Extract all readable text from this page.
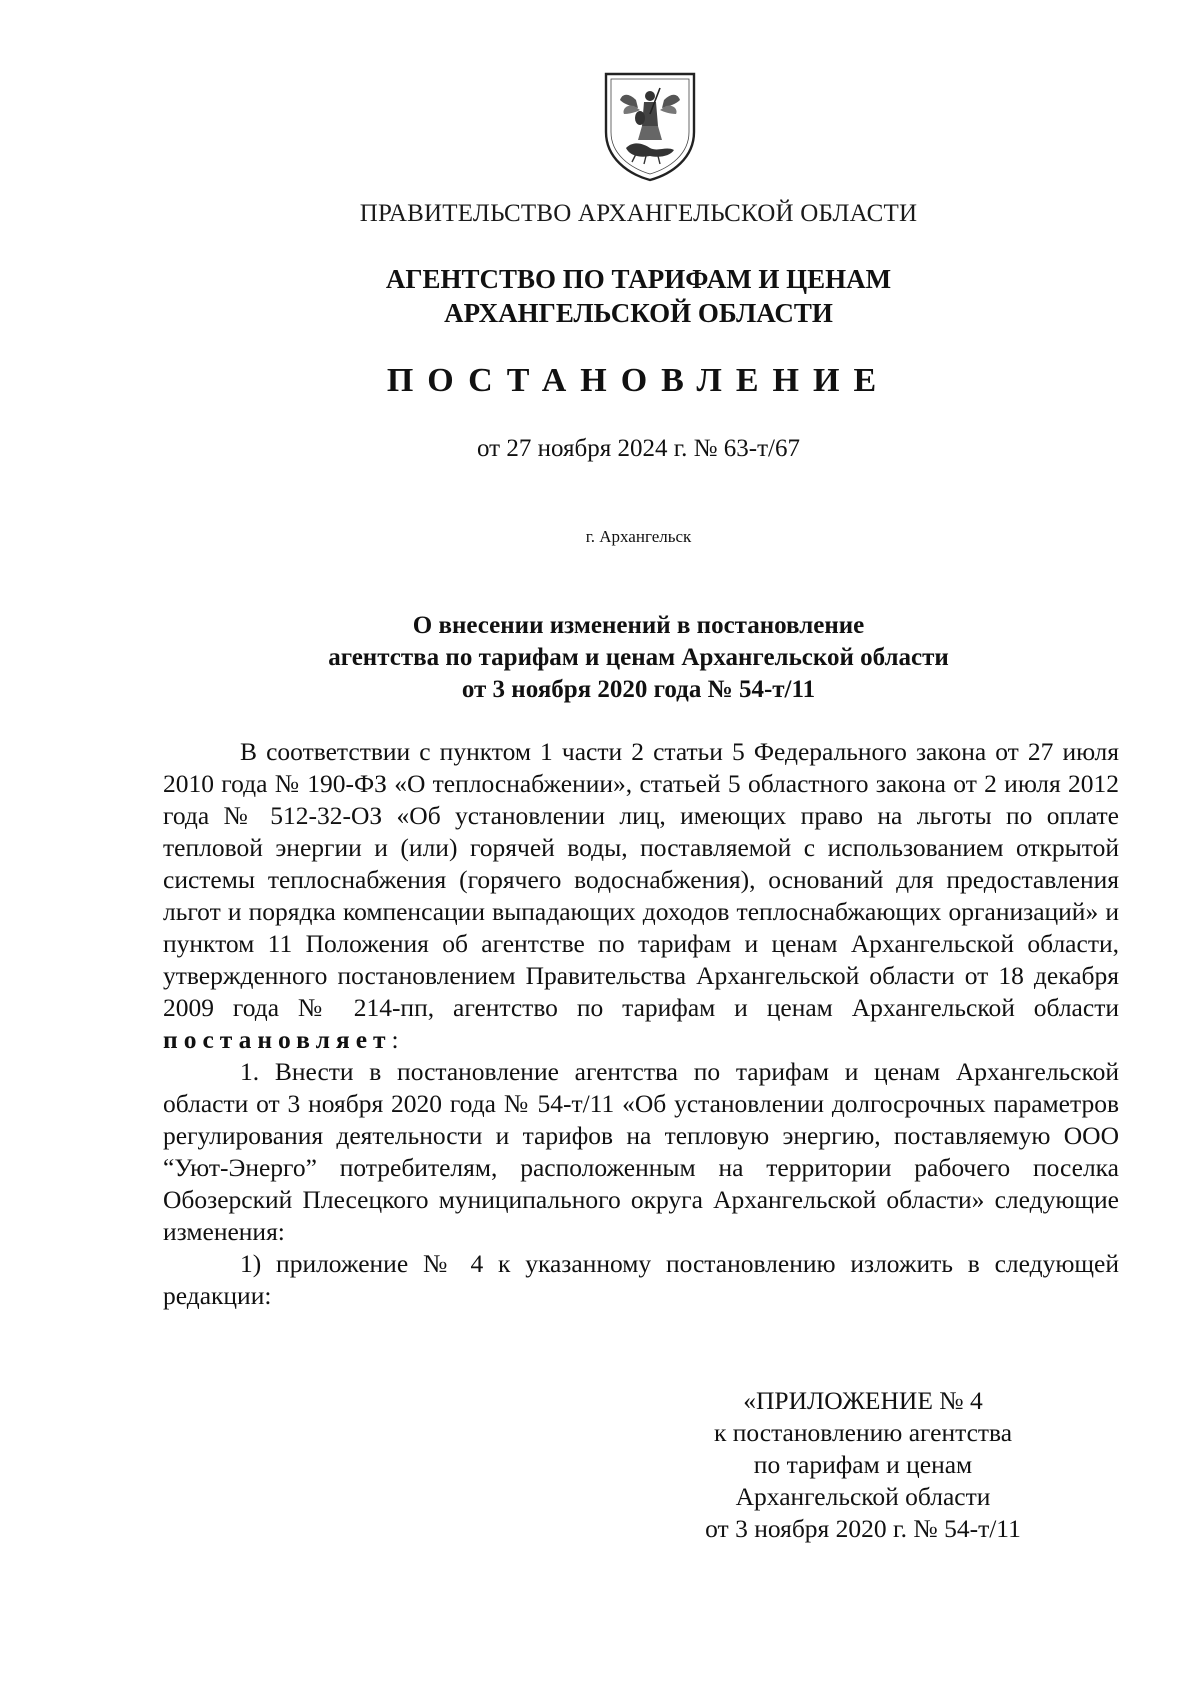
ПРАВИТЕЛЬСТВО АРХАНГЕЛЬСКОЙ ОБЛАСТИ
АГЕНТСТВО ПО ТАРИФАМ И ЦЕНАМ
АРХАНГЕЛЬСКОЙ ОБЛАСТИ
ПОСТАНОВЛЕНИЕ
от 27 ноября 2024 г. № 63-т/67
г. Архангельск
О внесении изменений в постановление
агентства по тарифам и ценам Архангельской области
от 3 ноября 2020 года № 54-т/11

В соответствии с пунктом 1 части 2 статьи 5 Федерального закона от 27 июля 2010 года № 190-ФЗ «О теплоснабжении», статьей 5 областного закона от 2 июля 2012 года № 512-32-ОЗ «Об установлении лиц, имеющих право на льготы по оплате тепловой энергии и (или) горячей воды, поставляемой с использованием открытой системы теплоснабжения (горячего водоснабжения), оснований для предоставления льгот и порядка компенсации выпадающих доходов теплоснабжающих организаций» и пунктом 11 Положения об агентстве по тарифам и ценам Архангельской области, утвержденного постановлением Правительства Архангельской области от 18 декабря 2009 года № 214-пп, агентство по тарифам и ценам Архангельской области постановляет:

1. Внести в постановление агентства по тарифам и ценам Архангельской области от 3 ноября 2020 года № 54-т/11 «Об установлении долгосрочных параметров регулирования деятельности и тарифов на тепловую энергию, поставляемую ООО “Уют-Энерго” потребителям, расположенным на территории рабочего поселка Обозерский Плесецкого муниципального округа Архангельской области» следующие изменения:

1) приложение № 4 к указанному постановлению изложить в следующей редакции:

«ПРИЛОЖЕНИЕ № 4
к постановлению агентства
по тарифам и ценам
Архангельской области
от 3 ноября 2020 г. № 54-т/11
